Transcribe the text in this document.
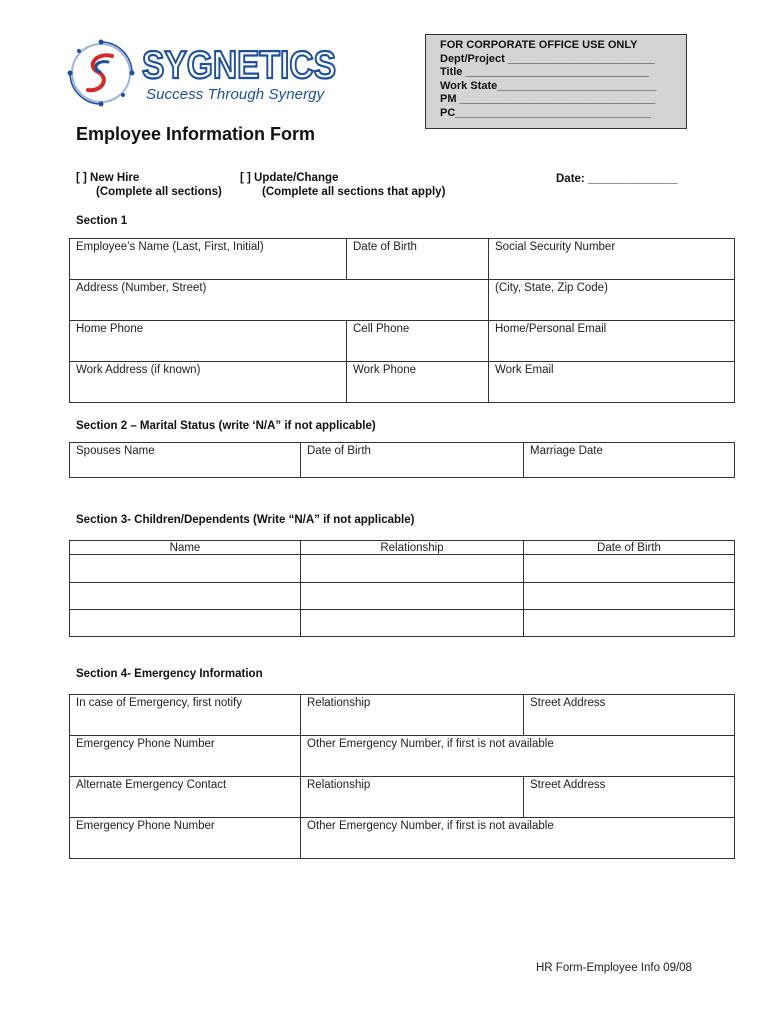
SYGNETICS
Success Through Synergy
FOR CORPORATE OFFICE USE ONLY
Dept/Project ________________________
Title ______________________________
Work State__________________________
PM ________________________________
PC________________________________
Employee Information Form
[ ] New Hire
(Complete all sections)
[ ] Update/Change
(Complete all sections that apply)
Date: ______________
Section 1
Employee’s Name (Last, First, Initial)	Date of Birth	Social Security Number
Address (Number, Street)	(City, State, Zip Code)
Home Phone	Cell Phone	Home/Personal Email
Work Address (if known)	Work Phone	Work Email
Section 2 – Marital Status (write ‘N/A” if not applicable)
Spouses Name	Date of Birth	Marriage Date
Section 3- Children/Dependents (Write “N/A” if not applicable)
Name	Relationship	Date of Birth
Section 4- Emergency Information
In case of Emergency, first notify	Relationship	Street Address
Emergency Phone Number	Other Emergency Number, if first is not available
Alternate Emergency Contact	Relationship	Street Address
Emergency Phone Number	Other Emergency Number, if first is not available
HR Form-Employee Info 09/08
